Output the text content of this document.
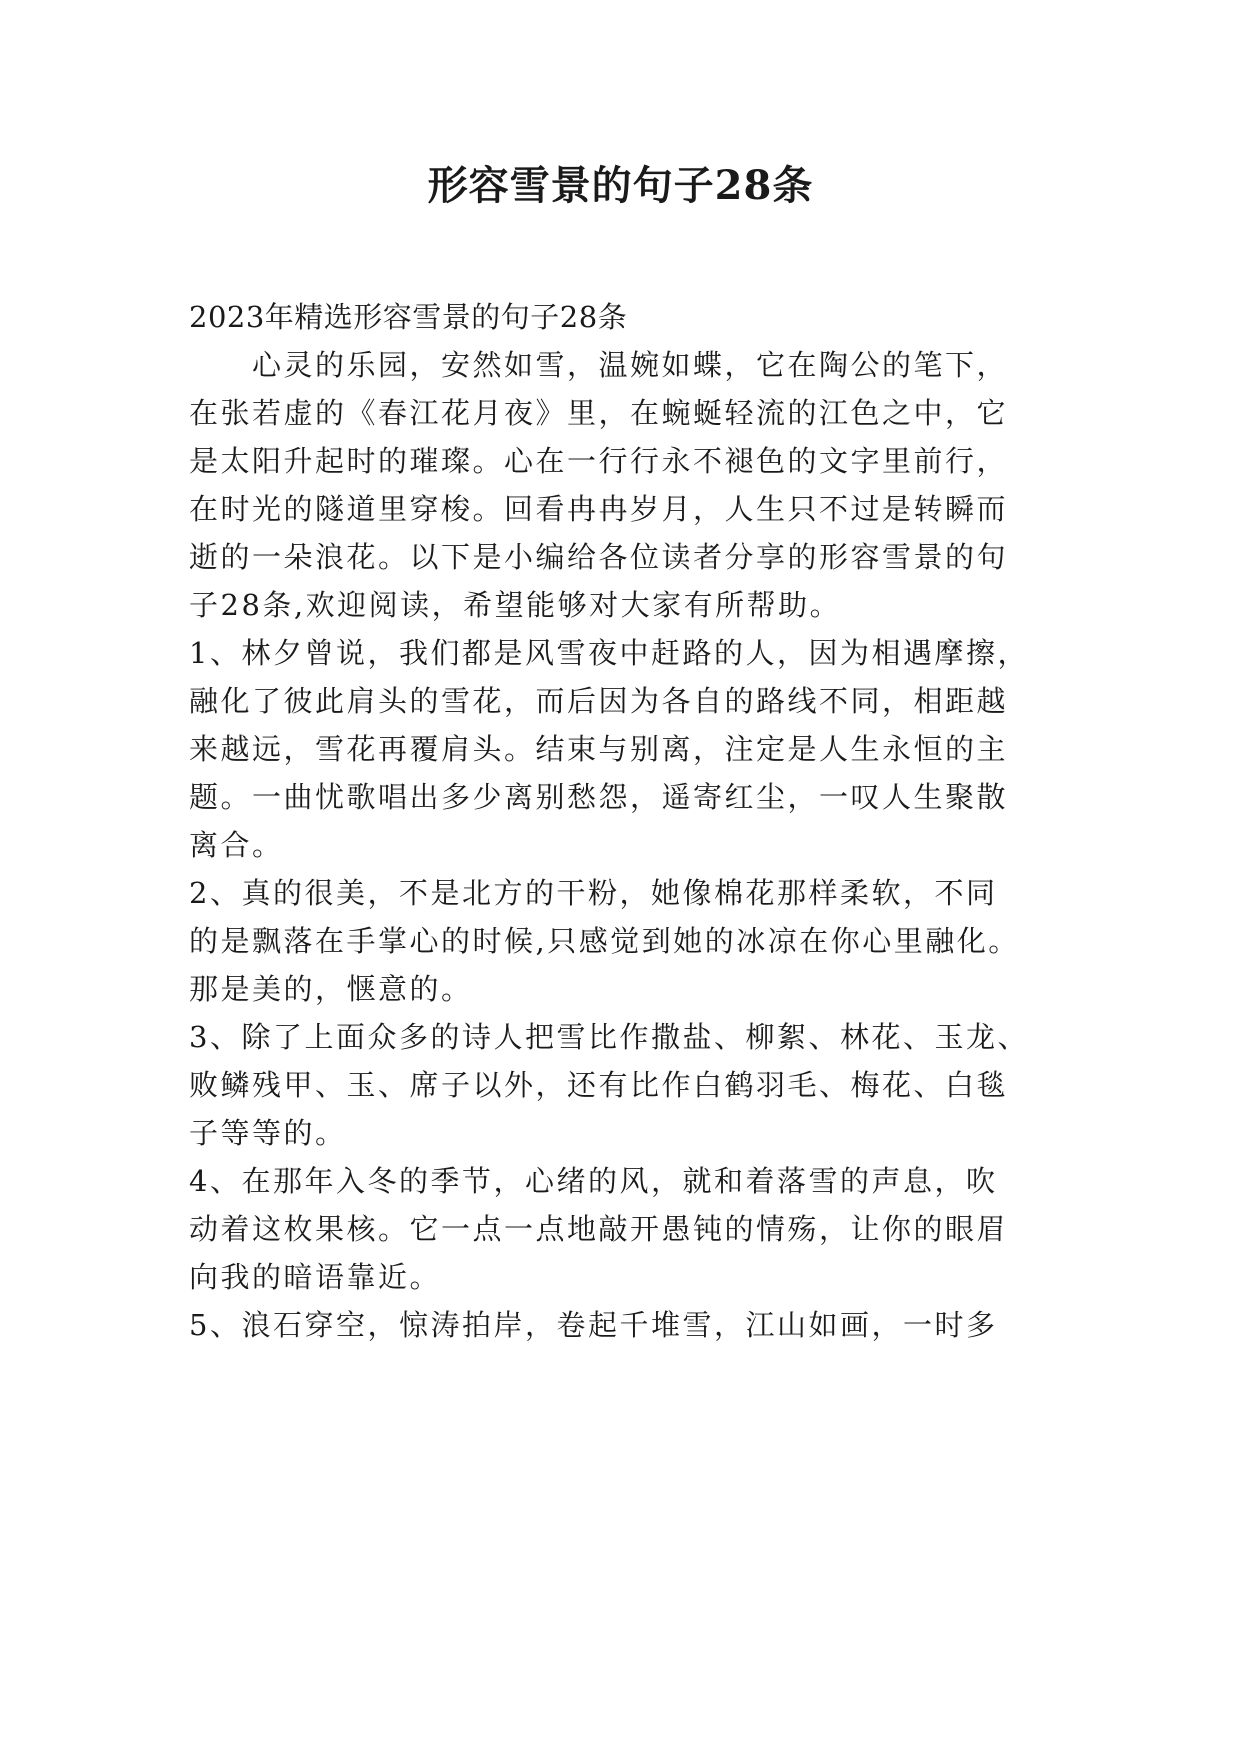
形容雪景的句子28条

2023年精选形容雪景的句子28条

　　心灵的乐园，安然如雪，温婉如蝶，它在陶公的笔下，

在张若虚的《春江花月夜》里，在蜿蜒轻流的江色之中，它

是太阳升起时的璀璨。心在一行行永不褪色的文字里前行，

在时光的隧道里穿梭。回看冉冉岁月，人生只不过是转瞬而

逝的一朵浪花。以下是小编给各位读者分享的形容雪景的句

子28条,欢迎阅读，希望能够对大家有所帮助。

1、林夕曾说，我们都是风雪夜中赶路的人，因为相遇摩擦，

融化了彼此肩头的雪花，而后因为各自的路线不同，相距越

来越远，雪花再覆肩头。结束与别离，注定是人生永恒的主

题。一曲忧歌唱出多少离别愁怨，遥寄红尘，一叹人生聚散

离合。

2、真的很美，不是北方的干粉，她像棉花那样柔软，不同

的是飘落在手掌心的时候,只感觉到她的冰凉在你心里融化。

那是美的，惬意的。

3、除了上面众多的诗人把雪比作撒盐、柳絮、林花、玉龙、

败鳞残甲、玉、席子以外，还有比作白鹤羽毛、梅花、白毯

子等等的。

4、在那年入冬的季节，心绪的风，就和着落雪的声息，吹

动着这枚果核。它一点一点地敲开愚钝的情殇，让你的眼眉

向我的暗语靠近。

5、浪石穿空，惊涛拍岸，卷起千堆雪，江山如画，一时多
